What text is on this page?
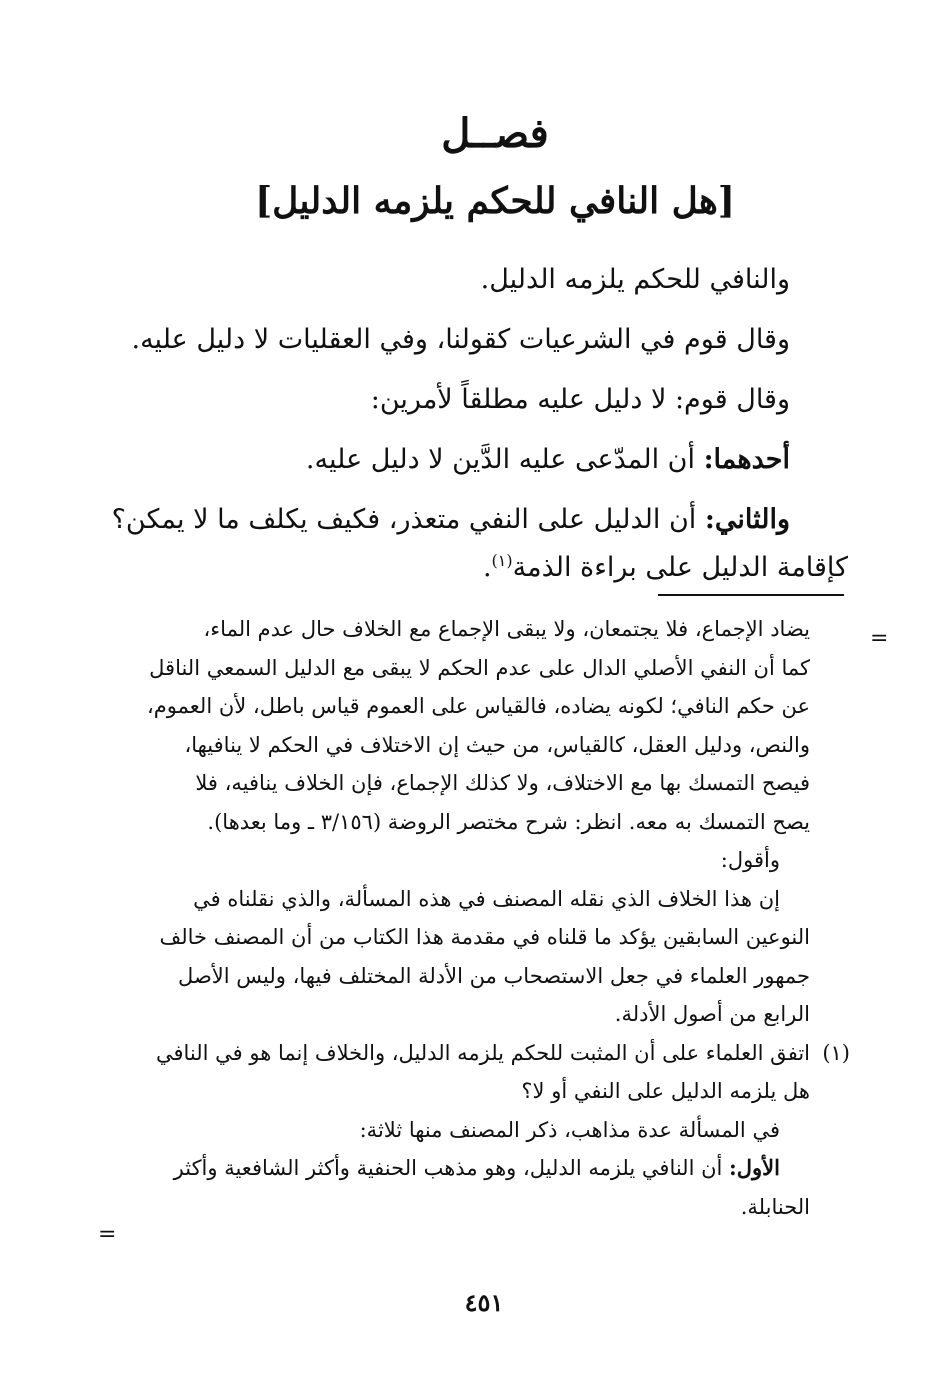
فصــل
[هل النافي للحكم يلزمه الدليل]

والنافي للحكم يلزمه الدليل.

وقال قوم في الشرعيات كقولنا، وفي العقليات لا دليل عليه.

وقال قوم: لا دليل عليه مطلقاً لأمرين:

أحدهما: أن المدّعى عليه الدَّين لا دليل عليه.

والثاني: أن الدليل على النفي متعذر، فكيف يكلف ما لا يمكن؟

كإقامة الدليل على براءة الذمة$^{(١)}$.

=

يضاد الإجماع، فلا يجتمعان، ولا يبقى الإجماع مع الخلاف حال عدم الماء،

كما أن النفي الأصلي الدال على عدم الحكم لا يبقى مع الدليل السمعي الناقل

عن حكم النافي؛ لكونه يضاده، فالقياس على العموم قياس باطل، لأن العموم،

والنص، ودليل العقل، كالقياس، من حيث إن الاختلاف في الحكم لا ينافيها،

فيصح التمسك بها مع الاختلاف، ولا كذلك الإجماع، فإن الخلاف ينافيه، فلا

يصح التمسك به معه. انظر: شرح مختصر الروضة (٣/١٥٦ ـ وما بعدها).

وأقول:

إن هذا الخلاف الذي نقله المصنف في هذه المسألة، والذي نقلناه في

النوعين السابقين يؤكد ما قلناه في مقدمة هذا الكتاب من أن المصنف خالف

جمهور العلماء في جعل الاستصحاب من الأدلة المختلف فيها، وليس الأصل

الرابع من أصول الأدلة.

(١)اتفق العلماء على أن المثبت للحكم يلزمه الدليل، والخلاف إنما هو في النافي

هل يلزمه الدليل على النفي أو لا؟

في المسألة عدة مذاهب، ذكر المصنف منها ثلاثة:

الأول: أن النافي يلزمه الدليل، وهو مذهب الحنفية وأكثر الشافعية وأكثر

الحنابلة.

=
٤٥١
